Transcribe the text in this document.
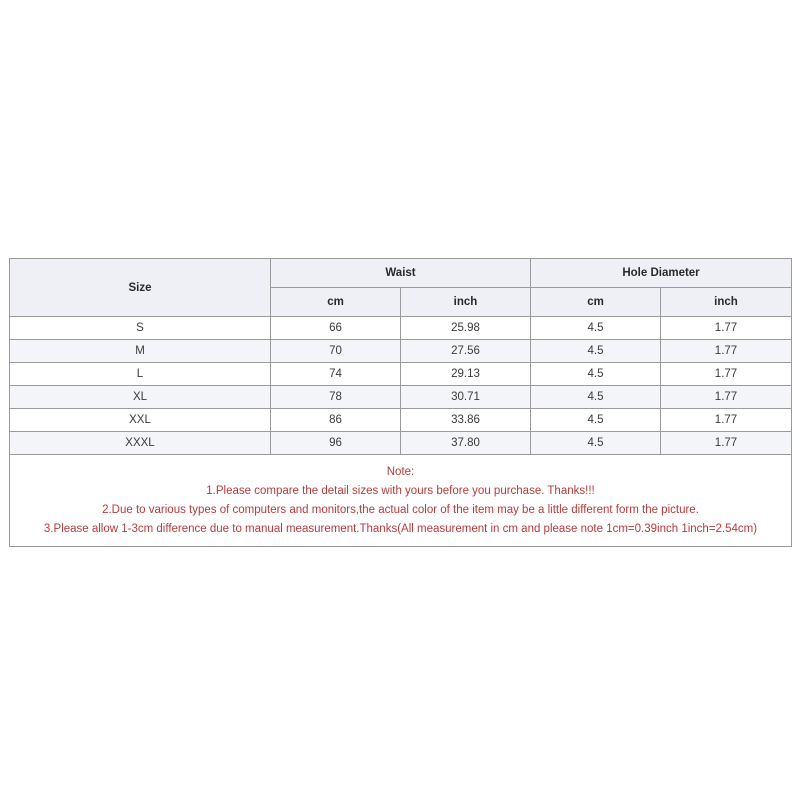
Size	Waist		Hole Diameter	
	cm	inch	cm	inch
S	66	25.98	4.5	1.77
M	70	27.56	4.5	1.77
L	74	29.13	4.5	1.77
XL	78	30.71	4.5	1.77
XXL	86	33.86	4.5	1.77
XXXL	96	37.80	4.5	1.77

Note:
1.Please compare the detail sizes with yours before you purchase. Thanks!!!
2.Due to various types of computers and monitors,the actual color of the item may be a little different form the picture.
3.Please allow 1-3cm difference due to manual measurement.Thanks(All measurement in cm and please note 1cm=0.39inch 1inch=2.54cm)				
